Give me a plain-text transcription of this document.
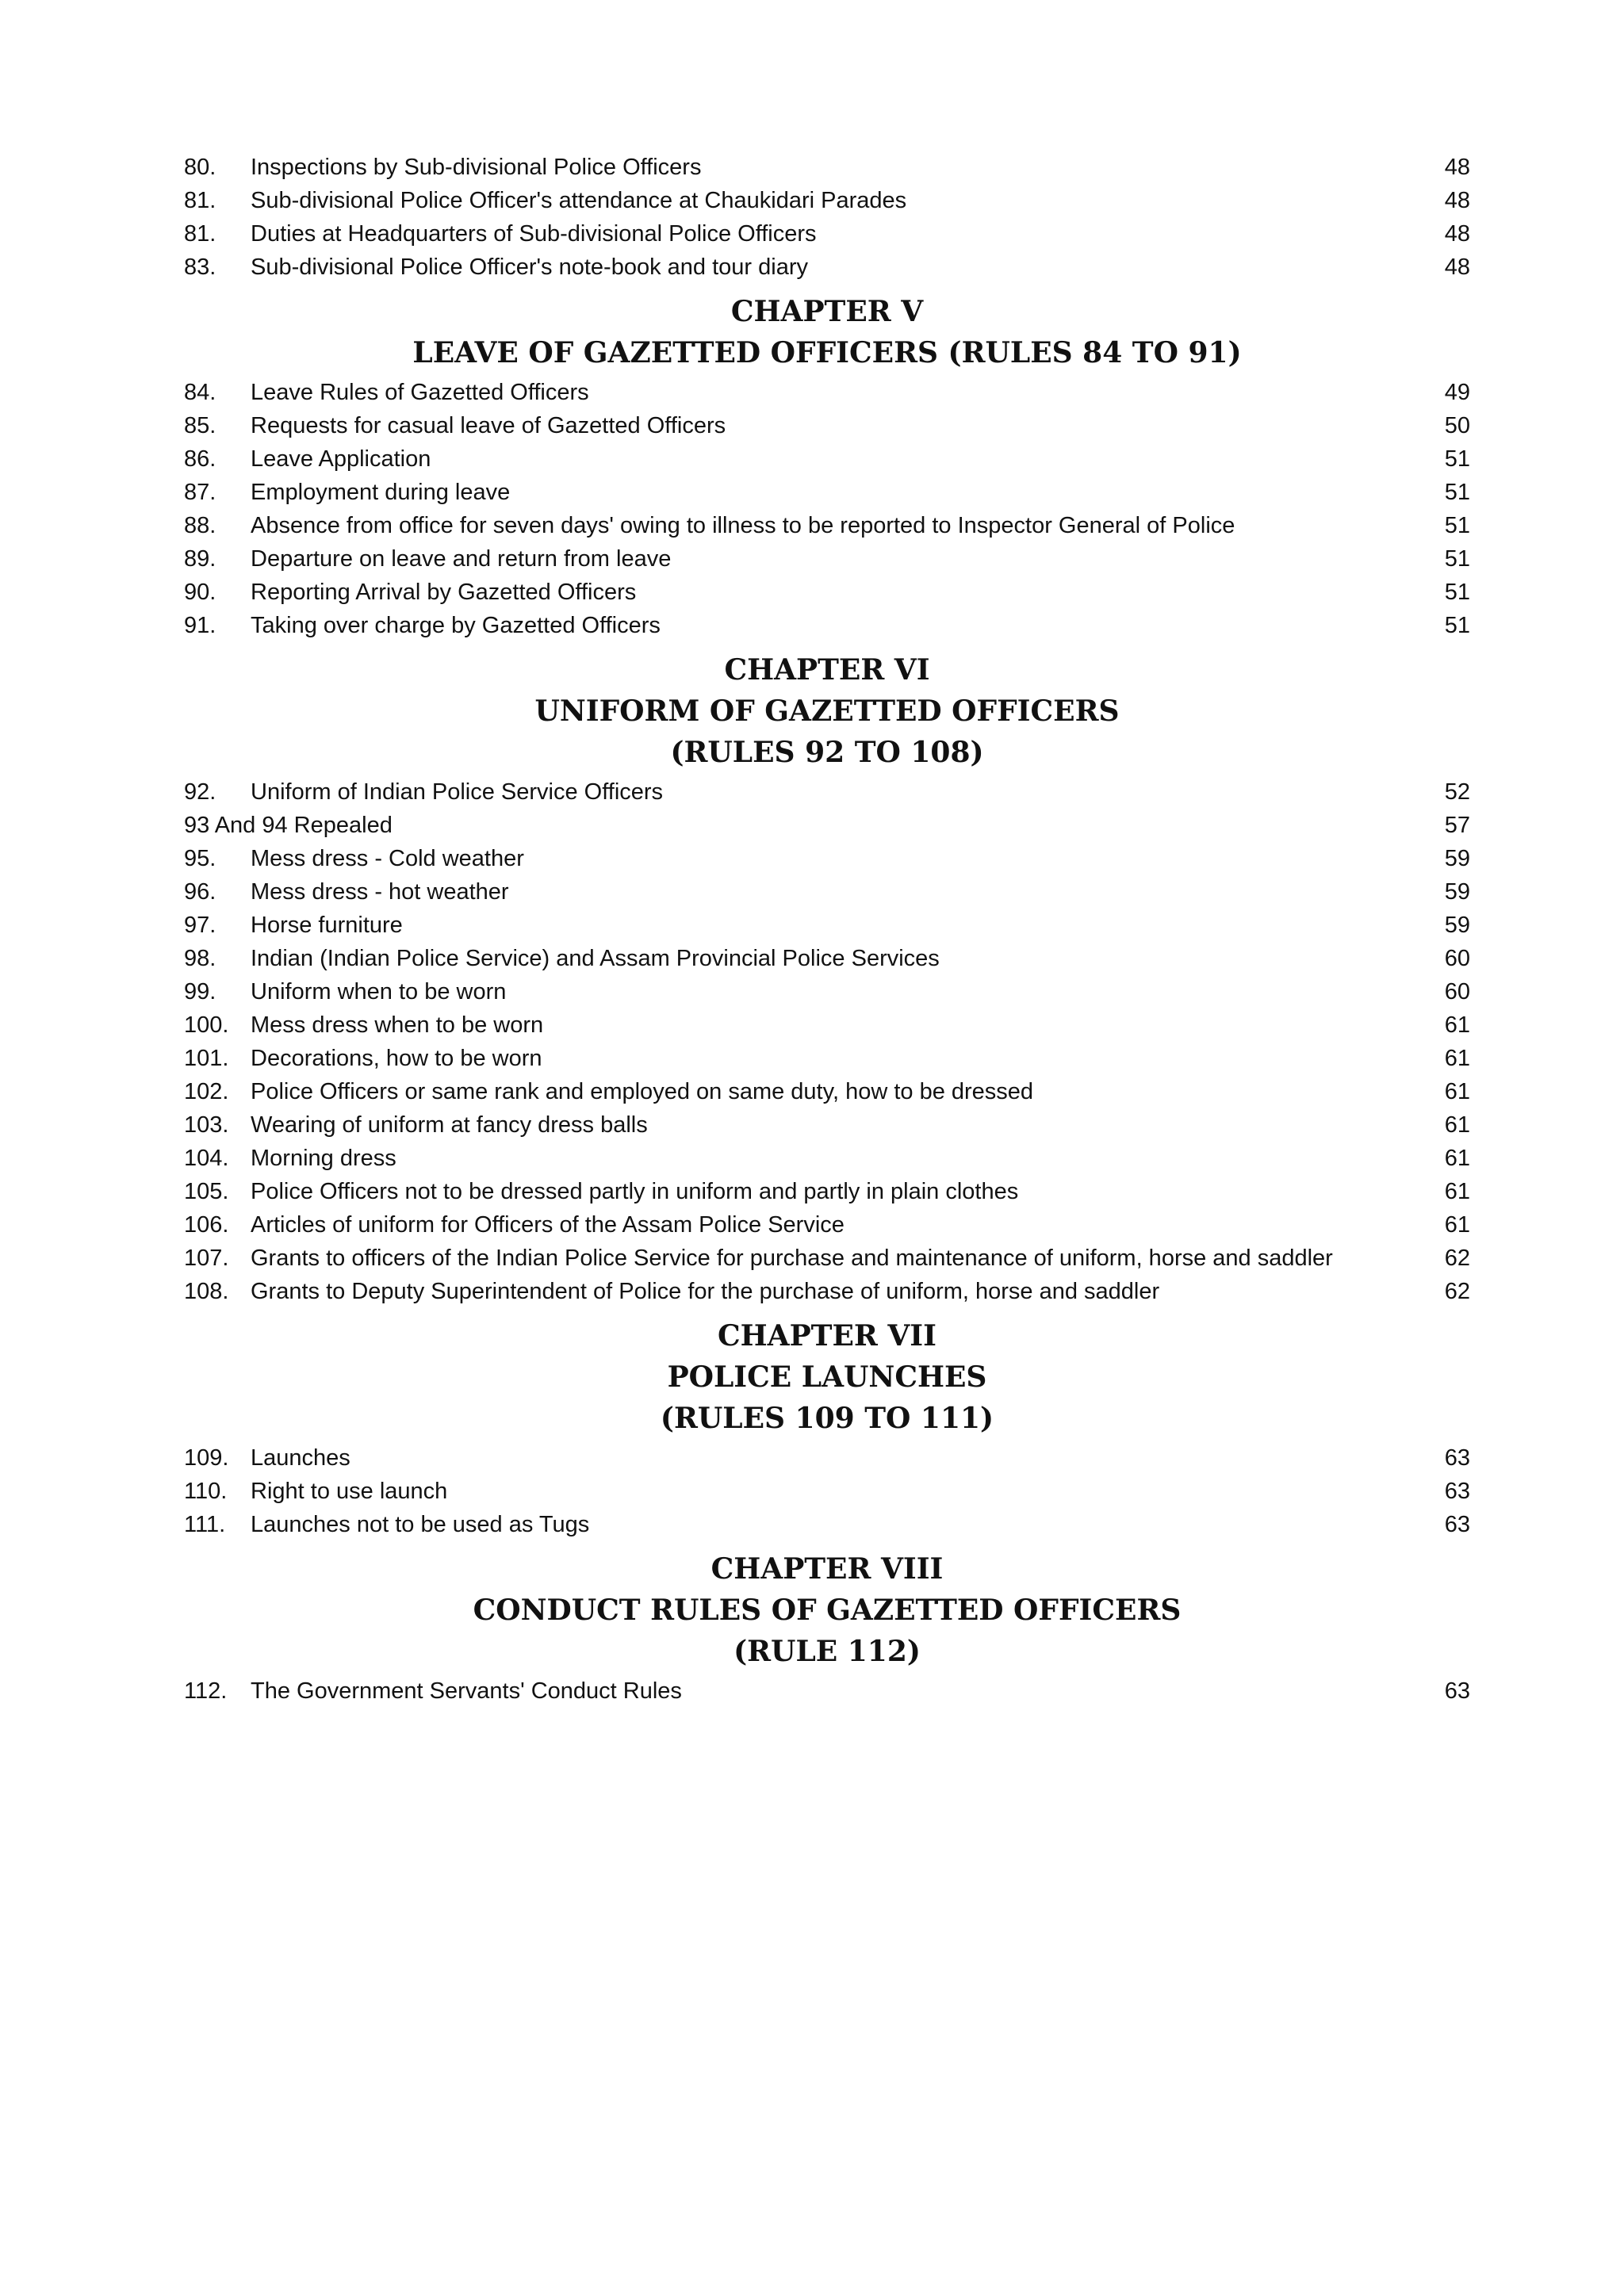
80.	Inspections by Sub-divisional Police Officers	48
81.	Sub-divisional Police Officer's attendance at Chaukidari Parades	48
81.	Duties at Headquarters of Sub-divisional Police Officers	48
83.	Sub-divisional Police Officer's note-book and tour diary	48
CHAPTER V
LEAVE OF GAZETTED OFFICERS (RULES 84 TO 91)
84.	Leave Rules of Gazetted Officers	49
85.	Requests for casual leave of Gazetted Officers	50
86.	Leave Application	51
87.	Employment during leave	51
88.	Absence from office for seven days' owing to illness to be reported to Inspector General of Police	51
89.	Departure on leave and return from leave	51
90.	Reporting Arrival by Gazetted Officers	51
91.	Taking over charge by Gazetted Officers	51
CHAPTER VI
UNIFORM OF GAZETTED OFFICERS
(RULES 92 TO 108)
92.	Uniform of Indian Police Service Officers	52
93 And 94 Repealed	57
95.	Mess dress - Cold weather	59
96.	Mess dress - hot weather	59
97.	Horse furniture	59
98.	Indian (Indian Police Service) and Assam Provincial Police Services	60
99.	Uniform when to be worn	60
100. Mess dress when to be worn	61
101. Decorations, how to be worn	61
102. Police Officers or same rank and employed on same duty, how to be dressed	61
103. Wearing of uniform at fancy dress balls	61
104. Morning dress	61
105. Police Officers not to be dressed partly in uniform and partly in plain clothes	61
106. Articles of uniform for Officers of the Assam Police Service	61
107. Grants to officers of the Indian Police Service for purchase and maintenance of uniform, horse and saddler	62
108. Grants to Deputy Superintendent of Police for the purchase of uniform, horse and saddler	62
CHAPTER VII
POLICE LAUNCHES
(RULES 109 TO 111)
109. Launches	63
110.	Right to use launch	63
111.	Launches not to be used as Tugs	63
CHAPTER VIII
CONDUCT RULES OF GAZETTED OFFICERS
(RULE 112)
112.	The Government Servants' Conduct Rules	63
